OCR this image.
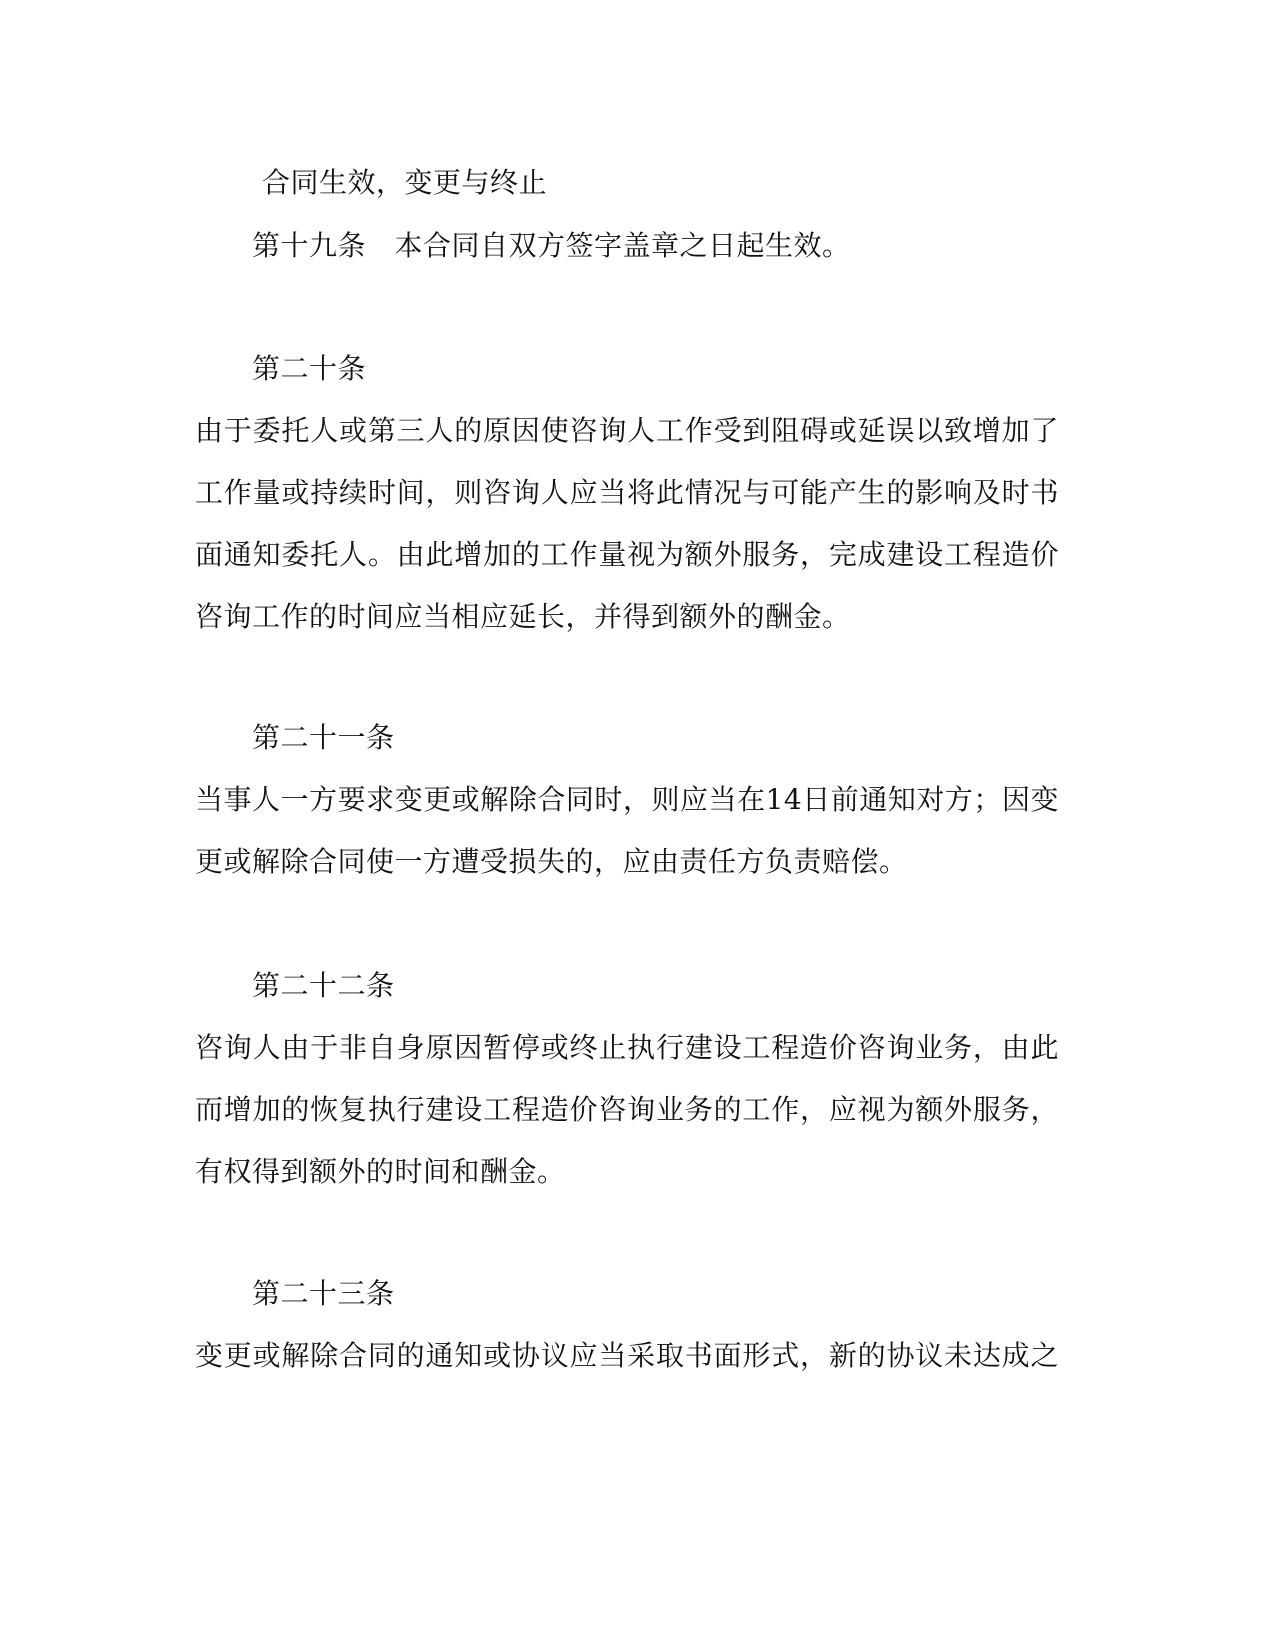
合同生效，变更与终止
第十九条　本合同自双方签字盖章之日起生效。
第二十条
由于委托人或第三人的原因使咨询人工作受到阻碍或延误以致增加了
工作量或持续时间，则咨询人应当将此情况与可能产生的影响及时书
面通知委托人。由此增加的工作量视为额外服务，完成建设工程造价
咨询工作的时间应当相应延长，并得到额外的酬金。
第二十一条
当事人一方要求变更或解除合同时，则应当在14日前通知对方；因变
更或解除合同使一方遭受损失的，应由责任方负责赔偿。
第二十二条
咨询人由于非自身原因暂停或终止执行建设工程造价咨询业务，由此
而增加的恢复执行建设工程造价咨询业务的工作，应视为额外服务，
有权得到额外的时间和酬金。
第二十三条
变更或解除合同的通知或协议应当采取书面形式，新的协议未达成之
